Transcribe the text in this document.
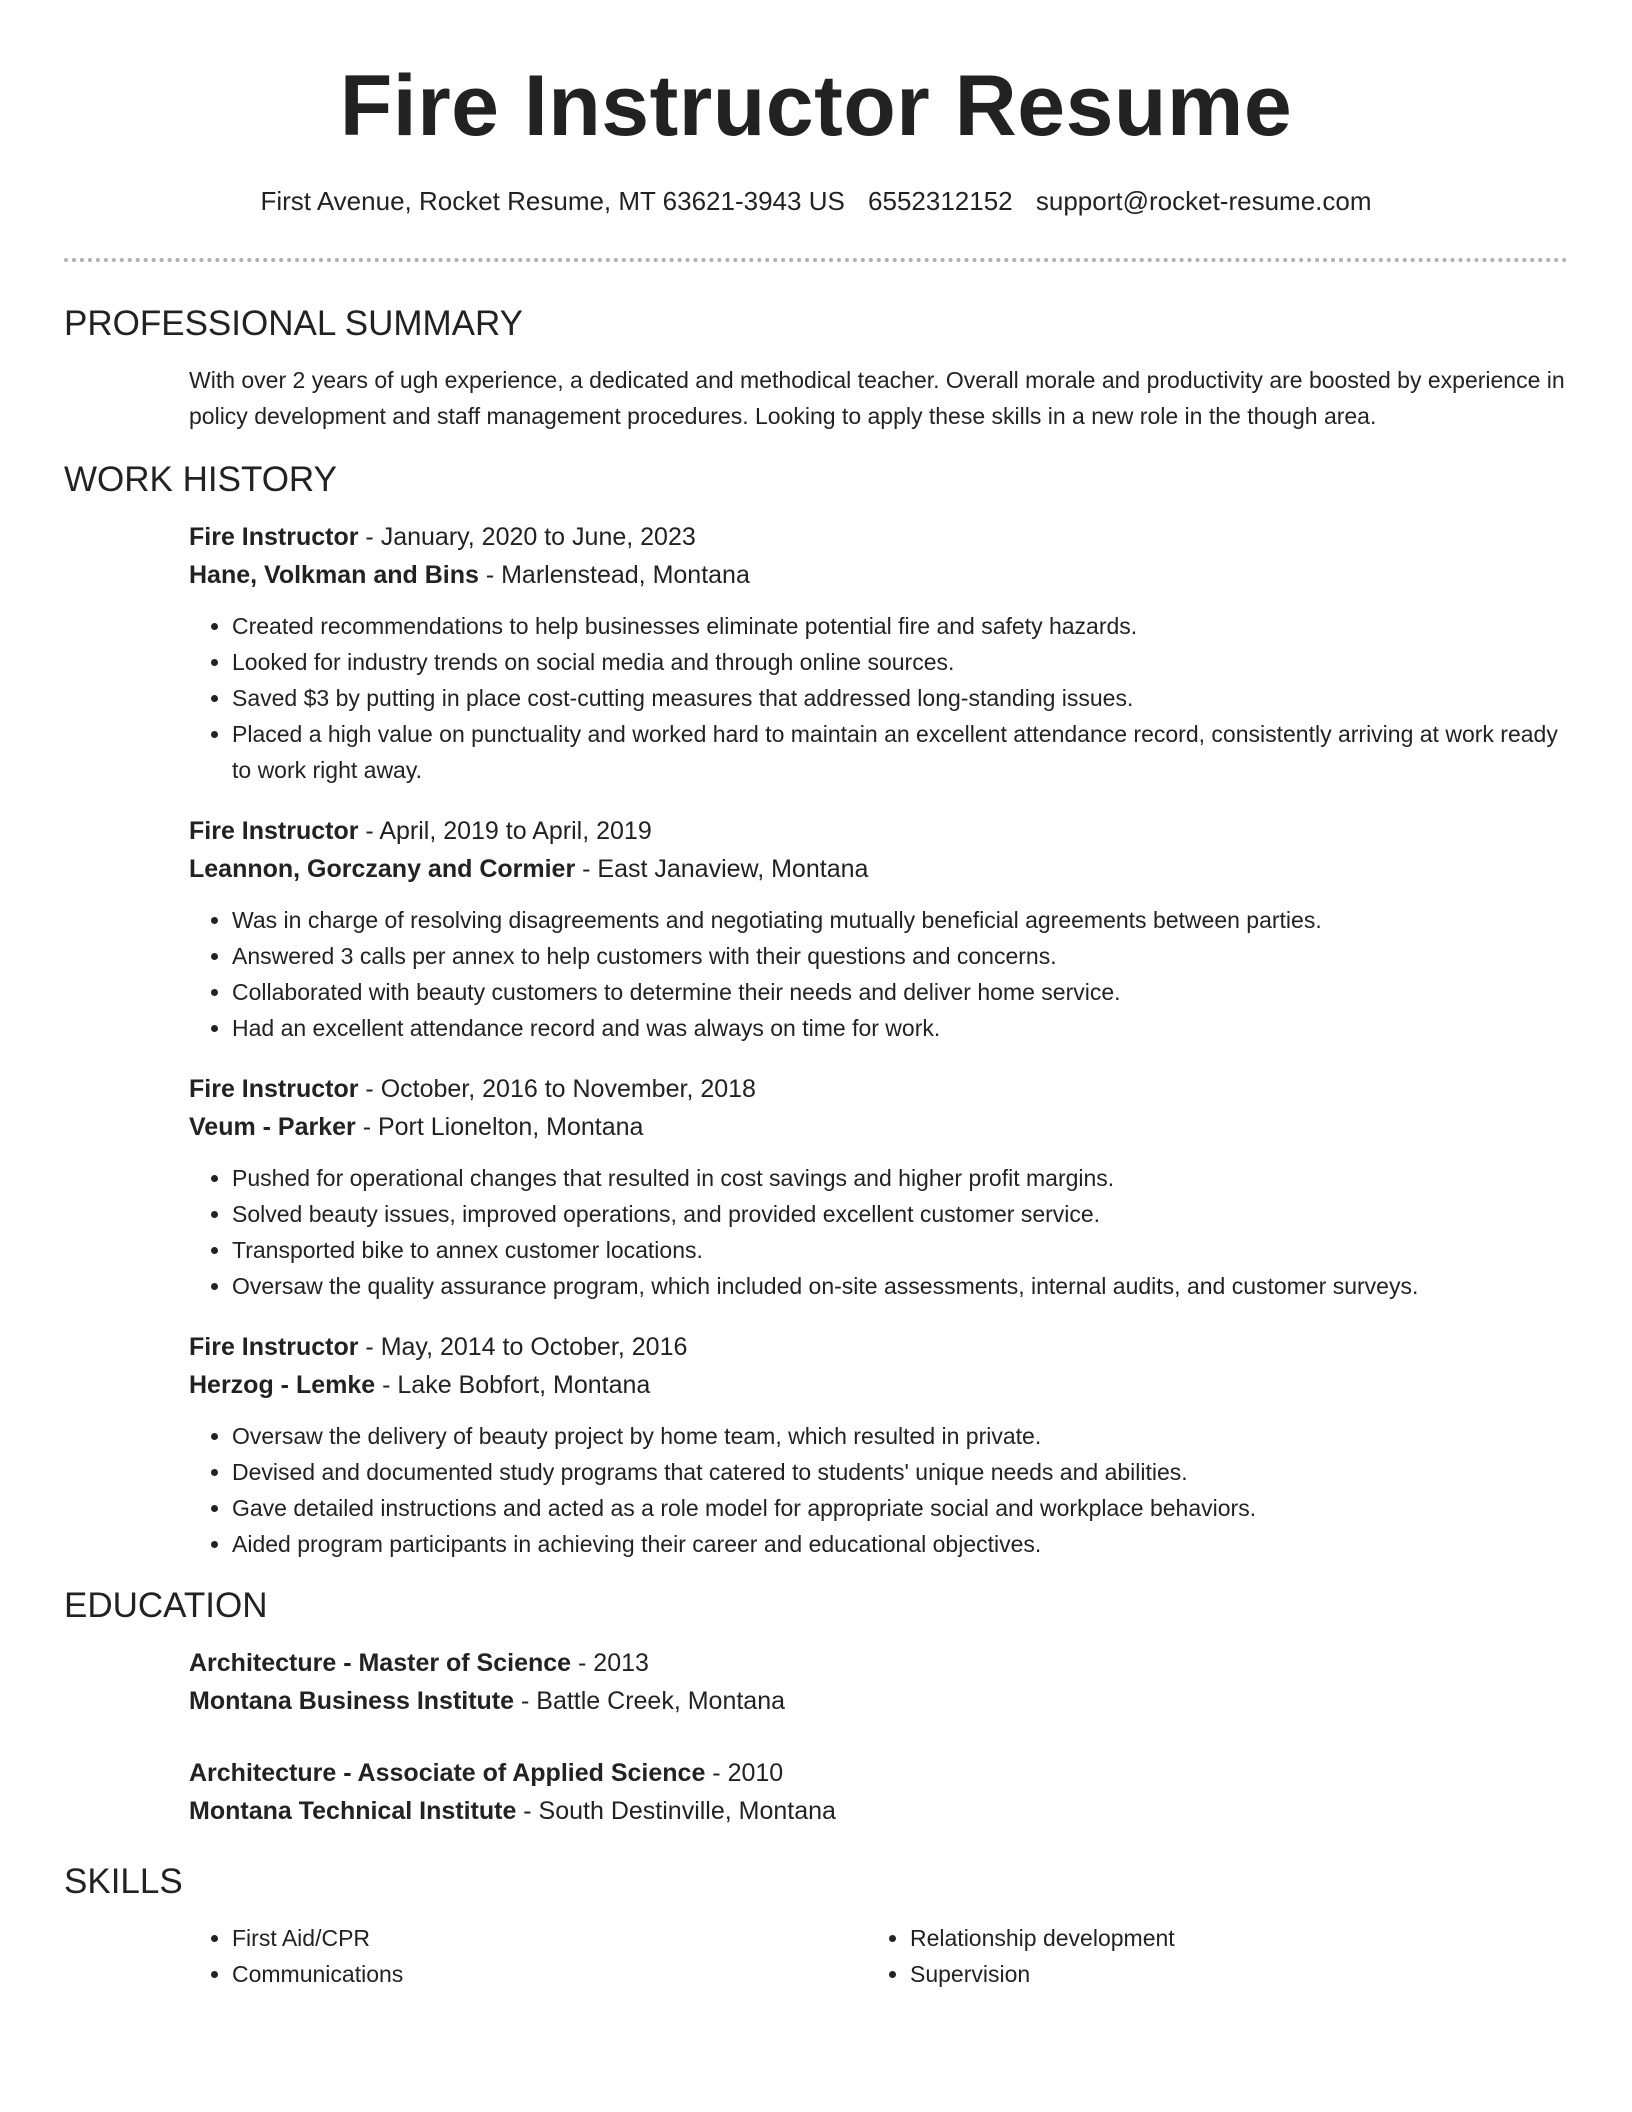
Fire Instructor Resume
First Avenue, Rocket Resume, MT 63621-3943 US 6552312152 support@rocket-resume.com
PROFESSIONAL SUMMARY

With over 2 years of ugh experience, a dedicated and methodical teacher. Overall morale and productivity are boosted by experience in policy development and staff management procedures. Looking to apply these skills in a new role in the though area.

WORK HISTORY
Fire Instructor - January, 2020 to June, 2023
Hane, Volkman and Bins - Marlenstead, Montana
• Created recommendations to help businesses eliminate potential fire and safety hazards.
• Looked for industry trends on social media and through online sources.
• Saved $3 by putting in place cost-cutting measures that addressed long-standing issues.
• Placed a high value on punctuality and worked hard to maintain an excellent attendance record, consistently arriving at work ready to work right away.
Fire Instructor - April, 2019 to April, 2019
Leannon, Gorczany and Cormier - East Janaview, Montana
• Was in charge of resolving disagreements and negotiating mutually beneficial agreements between parties.
• Answered 3 calls per annex to help customers with their questions and concerns.
• Collaborated with beauty customers to determine their needs and deliver home service.
• Had an excellent attendance record and was always on time for work.
Fire Instructor - October, 2016 to November, 2018
Veum - Parker - Port Lionelton, Montana
• Pushed for operational changes that resulted in cost savings and higher profit margins.
• Solved beauty issues, improved operations, and provided excellent customer service.
• Transported bike to annex customer locations.
• Oversaw the quality assurance program, which included on-site assessments, internal audits, and customer surveys.
Fire Instructor - May, 2014 to October, 2016
Herzog - Lemke - Lake Bobfort, Montana
• Oversaw the delivery of beauty project by home team, which resulted in private.
• Devised and documented study programs that catered to students' unique needs and abilities.
• Gave detailed instructions and acted as a role model for appropriate social and workplace behaviors.
• Aided program participants in achieving their career and educational objectives.
EDUCATION
Architecture - Master of Science - 2013
Montana Business Institute - Battle Creek, Montana
Architecture - Associate of Applied Science - 2010
Montana Technical Institute - South Destinville, Montana
SKILLS
• First Aid/CPR
• Communications
• Relationship development
• Supervision
